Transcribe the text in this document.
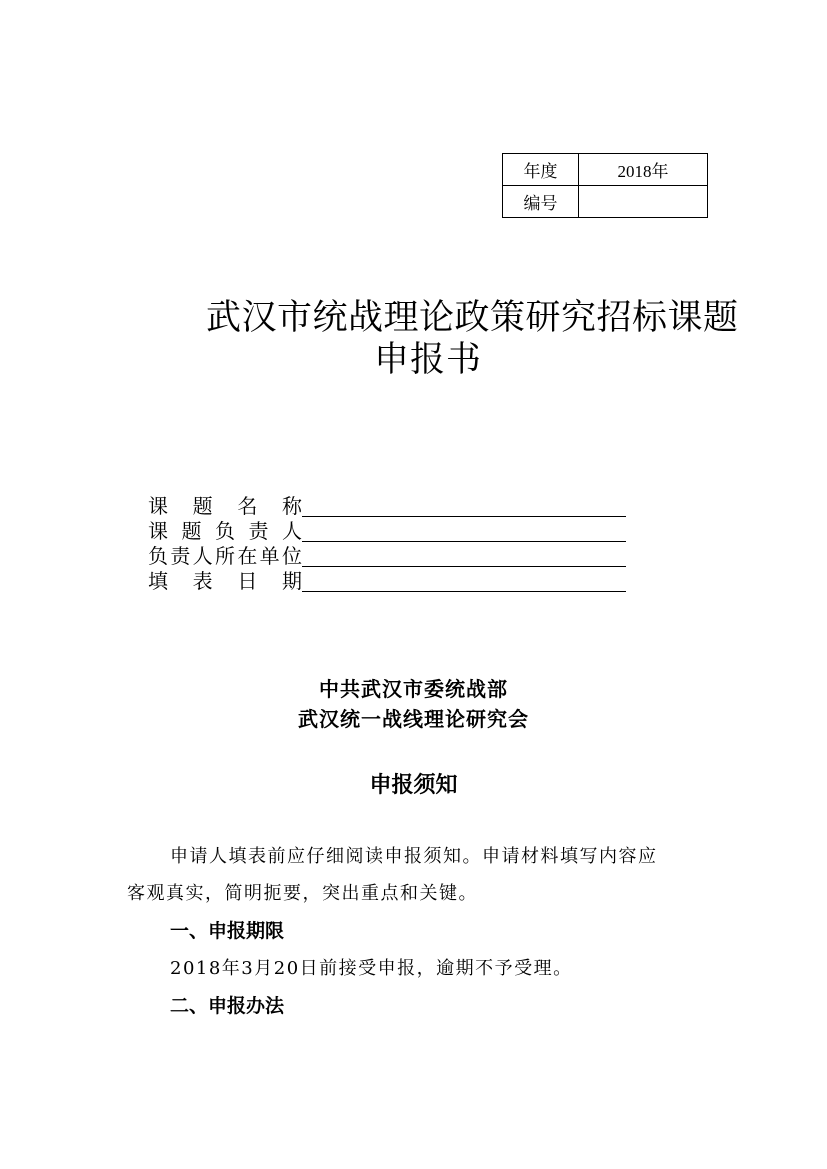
年度	2018年
编号	
武汉市统战理论政策研究招标课题
申报书
课 题 名 称
课 题 负 责 人
负 责 人 所 在 单 位
填 表 日 期
中共武汉市委统战部
武汉统一战线理论研究会
申报须知
申请人填表前应仔细阅读申报须知。申请材料填写内容应
客观真实，简明扼要，突出重点和关键。
一、申报期限
2018年3月20日前接受申报，逾期不予受理。
二、申报办法
